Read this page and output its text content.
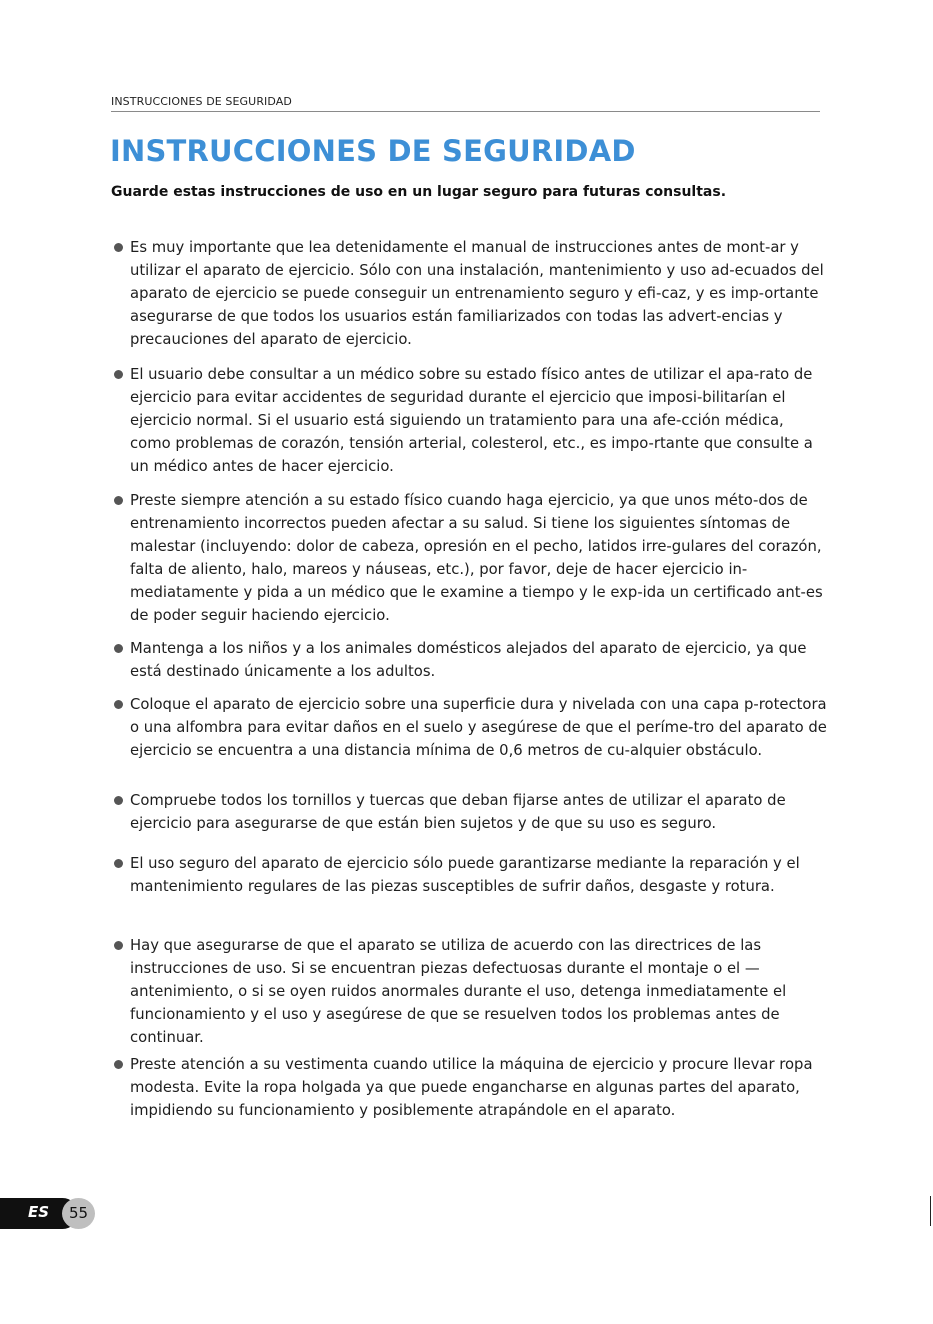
INSTRUCCIONES DE SEGURIDAD
INSTRUCCIONES DE SEGURIDAD

Guarde estas instrucciones de uso en un lugar seguro para futuras consultas.

Es muy importante que lea detenidamente el manual de instrucciones antes de mont-ar y utilizar el aparato de ejercicio. Sólo con una instalación, mantenimiento y uso ad-ecuados del aparato de ejercicio se puede conseguir un entrenamiento seguro y efi-caz, y es imp-ortante asegurarse de que todos los usuarios están familiarizados con todas las advert-encias y precauciones del aparato de ejercicio.
El usuario debe consultar a un médico sobre su estado físico antes de utilizar el apa-rato de ejercicio para evitar accidentes de seguridad durante el ejercicio que imposi-bilitarían el ejercicio normal. Si el usuario está siguiendo un tratamiento para una afe-cción médica, como problemas de corazón, tensión arterial, colesterol, etc., es impo-rtante que consulte a un médico antes de hacer ejercicio.
Preste siempre atención a su estado físico cuando haga ejercicio, ya que unos méto-dos de entrenamiento incorrectos pueden afectar a su salud. Si tiene los siguientes síntomas de malestar (incluyendo: dolor de cabeza, opresión en el pecho, latidos irre-gulares del corazón, falta de aliento, halo, mareos y náuseas, etc.), por favor, deje de hacer ejercicio in-mediatamente y pida a un médico que le examine a tiempo y le exp-ida un certificado ant-es de poder seguir haciendo ejercicio.
Mantenga a los niños y a los animales domésticos alejados del aparato de ejercicio, ya que está destinado únicamente a los adultos.
Coloque el aparato de ejercicio sobre una superficie dura y nivelada con una capa p-rotectora o una alfombra para evitar daños en el suelo y asegúrese de que el períme-tro del aparato de ejercicio se encuentra a una distancia mínima de 0,6 metros de cu-alquier obstáculo.
Compruebe todos los tornillos y tuercas que deban fijarse antes de utilizar el aparato de ejercicio para asegurarse de que están bien sujetos y de que su uso es seguro.
El uso seguro del aparato de ejercicio sólo puede garantizarse mediante la reparación y el mantenimiento regulares de las piezas susceptibles de sufrir daños, desgaste y rotura.
Hay que asegurarse de que el aparato se utiliza de acuerdo con las directrices de las instrucciones de uso. Si se encuentran piezas defectuosas durante el montaje o el —antenimiento, o si se oyen ruidos anormales durante el uso, detenga inmediatamente el funcionamiento y el uso y asegúrese de que se resuelven todos los problemas antes de continuar.
Preste atención a su vestimenta cuando utilice la máquina de ejercicio y procure llevar ropa modesta. Evite la ropa holgada ya que puede engancharse en algunas partes del aparato, impidiendo su funcionamiento y posiblemente atrapándole en el aparato.
ES	55
